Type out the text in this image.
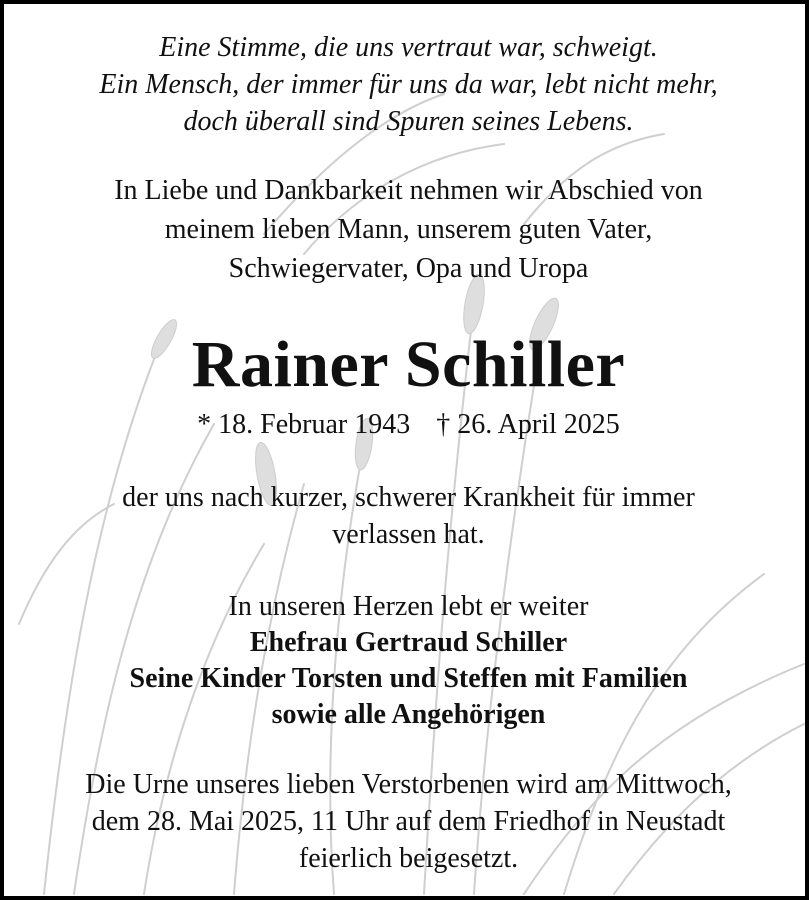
Eine Stimme, die uns vertraut war, schweigt.
Ein Mensch, der immer für uns da war, lebt nicht mehr,
doch überall sind Spuren seines Lebens.
In Liebe und Dankbarkeit nehmen wir Abschied von
meinem lieben Mann, unserem guten Vater,
Schwiegervater, Opa und Uropa
Rainer Schiller
* 18. Februar 1943 † 26. April 2025
der uns nach kurzer, schwerer Krankheit für immer
verlassen hat.
In unseren Herzen lebt er weiter
Ehefrau Gertraud Schiller
Seine Kinder Torsten und Steffen mit Familien
sowie alle Angehörigen
Die Urne unseres lieben Verstorbenen wird am Mittwoch,
dem 28. Mai 2025, 11 Uhr auf dem Friedhof in Neustadt
feierlich beigesetzt.
